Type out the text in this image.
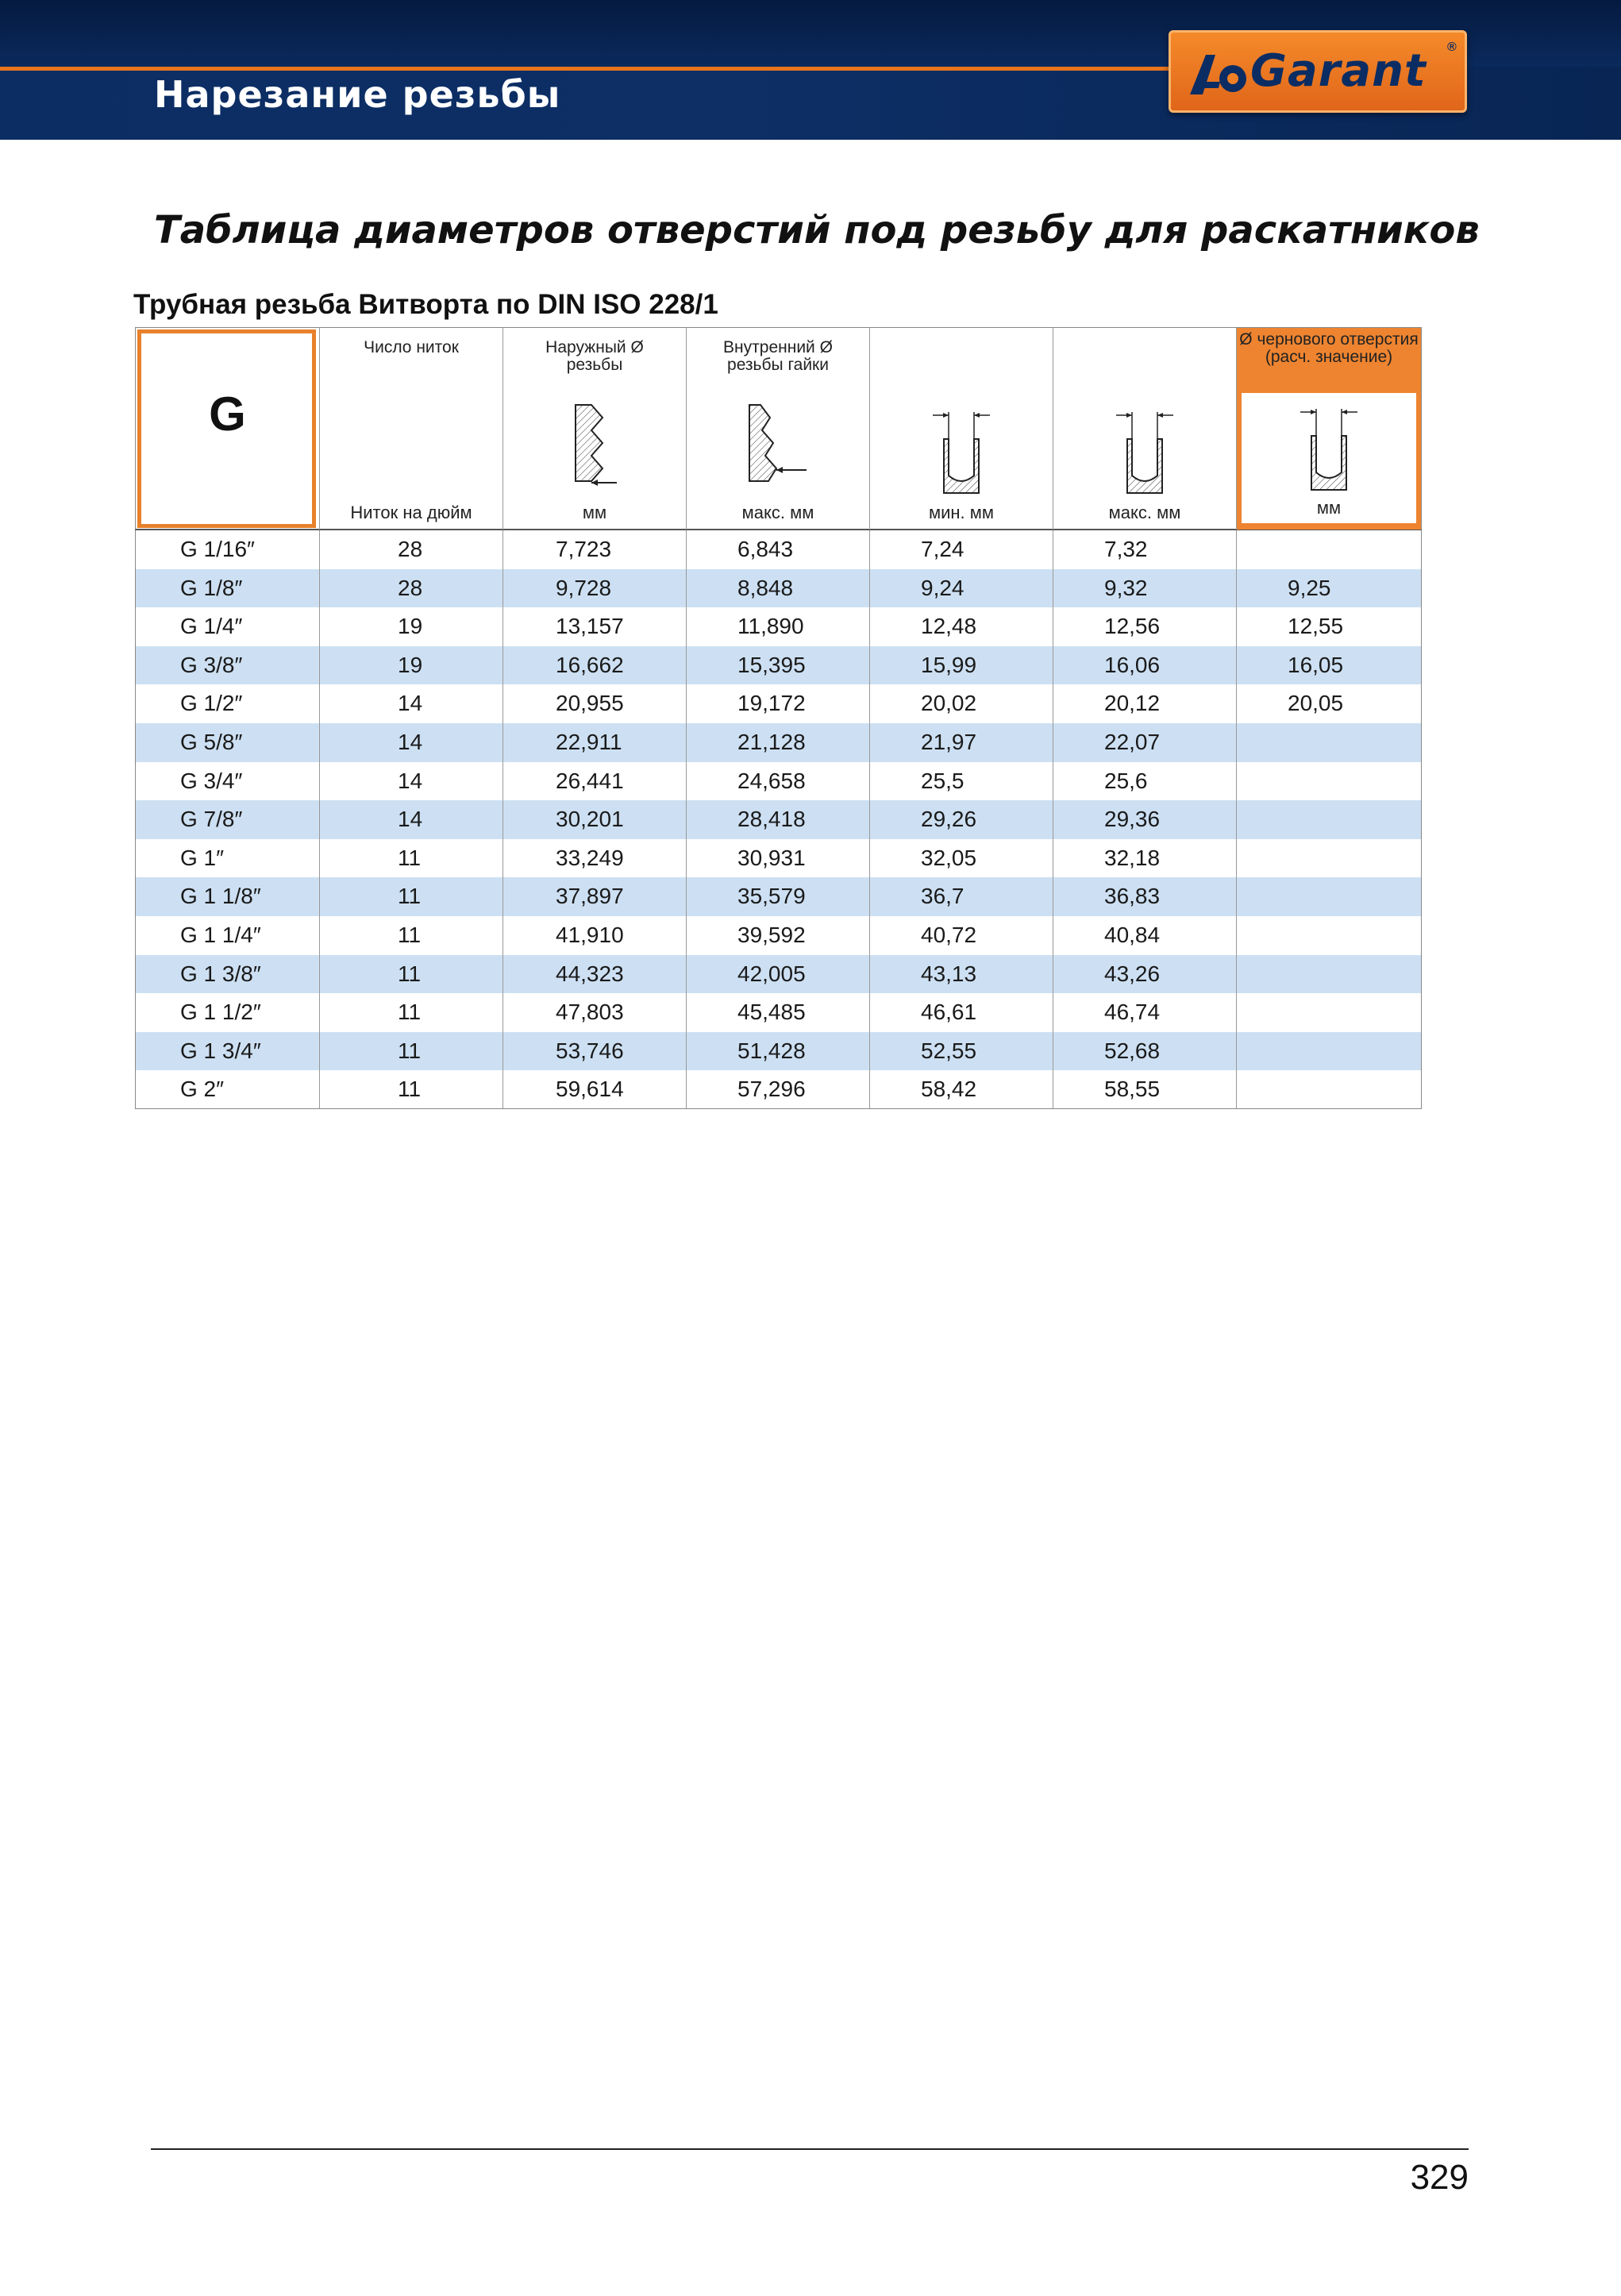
Нарезание резьбы	Garant ®
Таблица диаметров отверстий под резьбу для раскатников
Трубная резьба Витворта по DIN ISO 228/1
G
Число ниток
Ниток на дюйм
Наружный Ø резьбы
мм
Внутренний Ø резьбы гайки
макс. мм	мин. мм	макс. мм
Ø чернового отверстия (расч. значение)
мм
G 1/16″	28	7,723	6,843	7,24	7,32
G 1/8″	28	9,728	8,848	9,24	9,32	9,25
G 1/4″	19	13,157	11,890	12,48	12,56	12,55
G 3/8″	19	16,662	15,395	15,99	16,06	16,05
G 1/2″	14	20,955	19,172	20,02	20,12	20,05
G 5/8″	14	22,911	21,128	21,97	22,07
G 3/4″	14	26,441	24,658	25,5	25,6
G 7/8″	14	30,201	28,418	29,26	29,36
G 1″	11	33,249	30,931	32,05	32,18
G 1 1/8″	11	37,897	35,579	36,7	36,83
G 1 1/4″	11	41,910	39,592	40,72	40,84
G 1 3/8″	11	44,323	42,005	43,13	43,26
G 1 1/2″	11	47,803	45,485	46,61	46,74
G 1 3/4″	11	53,746	51,428	52,55	52,68
G 2″	11	59,614	57,296	58,42	58,55
329
